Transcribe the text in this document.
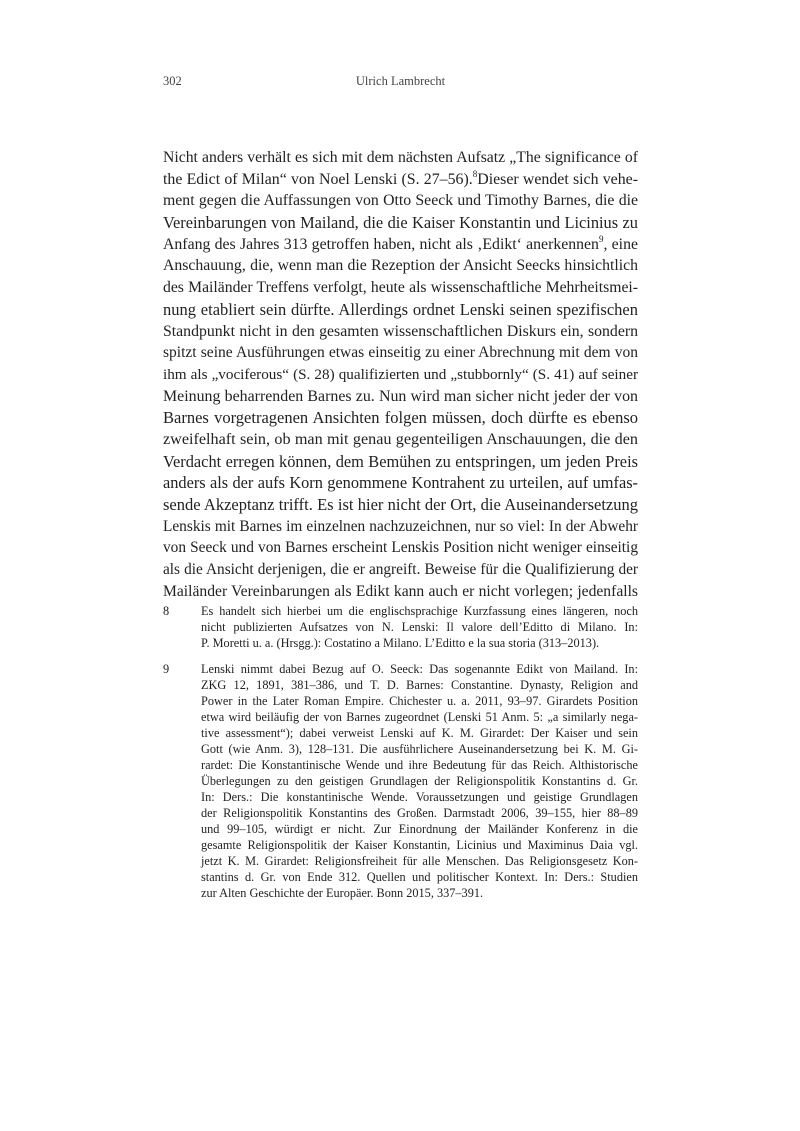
302	Ulrich Lambrecht
Nicht anders verhält es sich mit dem nächsten Aufsatz „The significance of
the Edict of Milan“ von Noel Lenski (S. 27–56).$^8$Dieser wendet sich vehe-
ment gegen die Auffassungen von Otto Seeck und Timothy Barnes, die die
Vereinbarungen von Mailand, die die Kaiser Konstantin und Licinius zu
Anfang des Jahres 313 getroffen haben, nicht als ‚Edikt‘ anerkennen$^9$, eine
Anschauung, die, wenn man die Rezeption der Ansicht Seecks hinsichtlich
des Mailänder Treffens verfolgt, heute als wissenschaftliche Mehrheitsmei-
nung etabliert sein dürfte. Allerdings ordnet Lenski seinen spezifischen
Standpunkt nicht in den gesamten wissenschaftlichen Diskurs ein, sondern
spitzt seine Ausführungen etwas einseitig zu einer Abrechnung mit dem von
ihm als „vociferous“ (S. 28) qualifizierten und „stubbornly“ (S. 41) auf seiner
Meinung beharrenden Barnes zu. Nun wird man sicher nicht jeder der von
Barnes vorgetragenen Ansichten folgen müssen, doch dürfte es ebenso
zweifelhaft sein, ob man mit genau gegenteiligen Anschauungen, die den
Verdacht erregen können, dem Bemühen zu entspringen, um jeden Preis
anders als der aufs Korn genommene Kontrahent zu urteilen, auf umfas-
sende Akzeptanz trifft. Es ist hier nicht der Ort, die Auseinandersetzung
Lenskis mit Barnes im einzelnen nachzuzeichnen, nur so viel: In der Abwehr
von Seeck und von Barnes erscheint Lenskis Position nicht weniger einseitig
als die Ansicht derjenigen, die er angreift. Beweise für die Qualifizierung der
Mailänder Vereinbarungen als Edikt kann auch er nicht vorlegen; jedenfalls
8	Es handelt sich hierbei um die englischsprachige Kurzfassung eines längeren, noch
nicht publizierten Aufsatzes von N. Lenski: Il valore dell’Editto di Milano. In:
P. Moretti u. a. (Hrsgg.): Costatino a Milano. L’Editto e la sua storia (313–2013).
9	Lenski nimmt dabei Bezug auf O. Seeck: Das sogenannte Edikt von Mailand. In:
ZKG 12, 1891, 381–386, und T. D. Barnes: Constantine. Dynasty, Religion and
Power in the Later Roman Empire. Chichester u. a. 2011, 93–97. Girardets Position
etwa wird beiläufig der von Barnes zugeordnet (Lenski 51 Anm. 5: „a similarly nega-
tive assessment“); dabei verweist Lenski auf K. M. Girardet: Der Kaiser und sein
Gott (wie Anm. 3), 128–131. Die ausführlichere Auseinandersetzung bei K. M. Gi-
rardet: Die Konstantinische Wende und ihre Bedeutung für das Reich. Althistorische
Überlegungen zu den geistigen Grundlagen der Religionspolitik Konstantins d. Gr.
In: Ders.: Die konstantinische Wende. Voraussetzungen und geistige Grundlagen
der Religionspolitik Konstantins des Großen. Darmstadt 2006, 39–155, hier 88–89
und 99–105, würdigt er nicht. Zur Einordnung der Mailänder Konferenz in die
gesamte Religionspolitik der Kaiser Konstantin, Licinius und Maximinus Daia vgl.
jetzt K. M. Girardet: Religionsfreiheit für alle Menschen. Das Religionsgesetz Kon-
stantins d. Gr. von Ende 312. Quellen und politischer Kontext. In: Ders.: Studien
zur Alten Geschichte der Europäer. Bonn 2015, 337–391.
